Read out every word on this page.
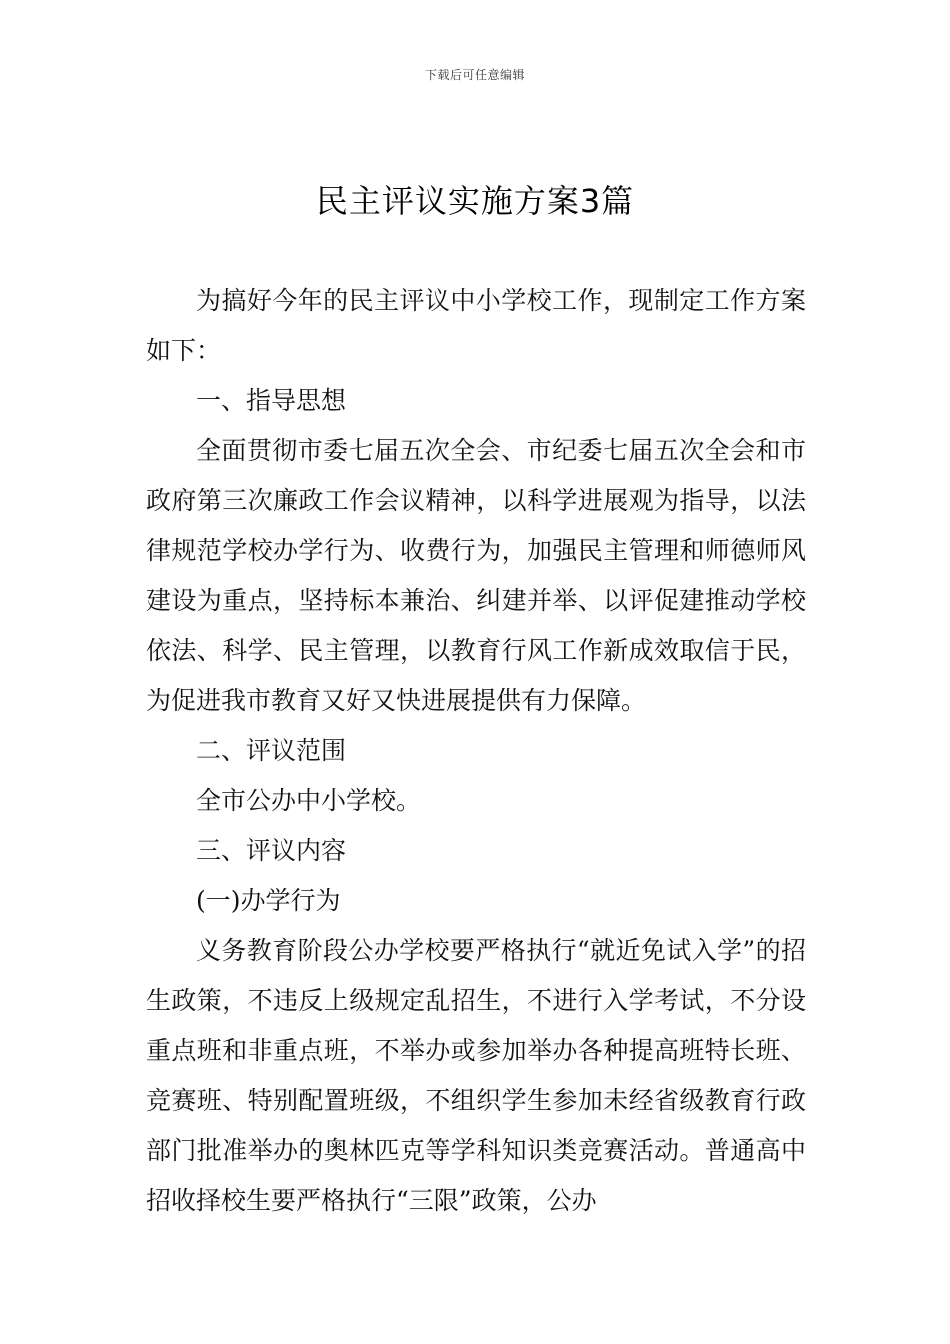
下载后可任意编辑
民主评议实施方案3篇

为搞好今年的民主评议中小学校工作，现制定工作方案如下：

一、指导思想

全面贯彻市委七届五次全会、市纪委七届五次全会和市政府第三次廉政工作会议精神，以科学进展观为指导，以法律规范学校办学行为、收费行为，加强民主管理和师德师风建设为重点，坚持标本兼治、纠建并举、以评促建推动学校依法、科学、民主管理，以教育行风工作新成效取信于民，为促进我市教育又好又快进展提供有力保障。

二、评议范围

全市公办中小学校。

三、评议内容

(一)办学行为

义务教育阶段公办学校要严格执行“就近免试入学”的招生政策，不违反上级规定乱招生，不进行入学考试，不分设重点班和非重点班，不举办或参加举办各种提高班特长班、竞赛班、特别配置班级，不组织学生参加未经省级教育行政部门批准举办的奥林匹克等学科知识类竞赛活动。普通高中招收择校生要严格执行“三限”政策，公办
